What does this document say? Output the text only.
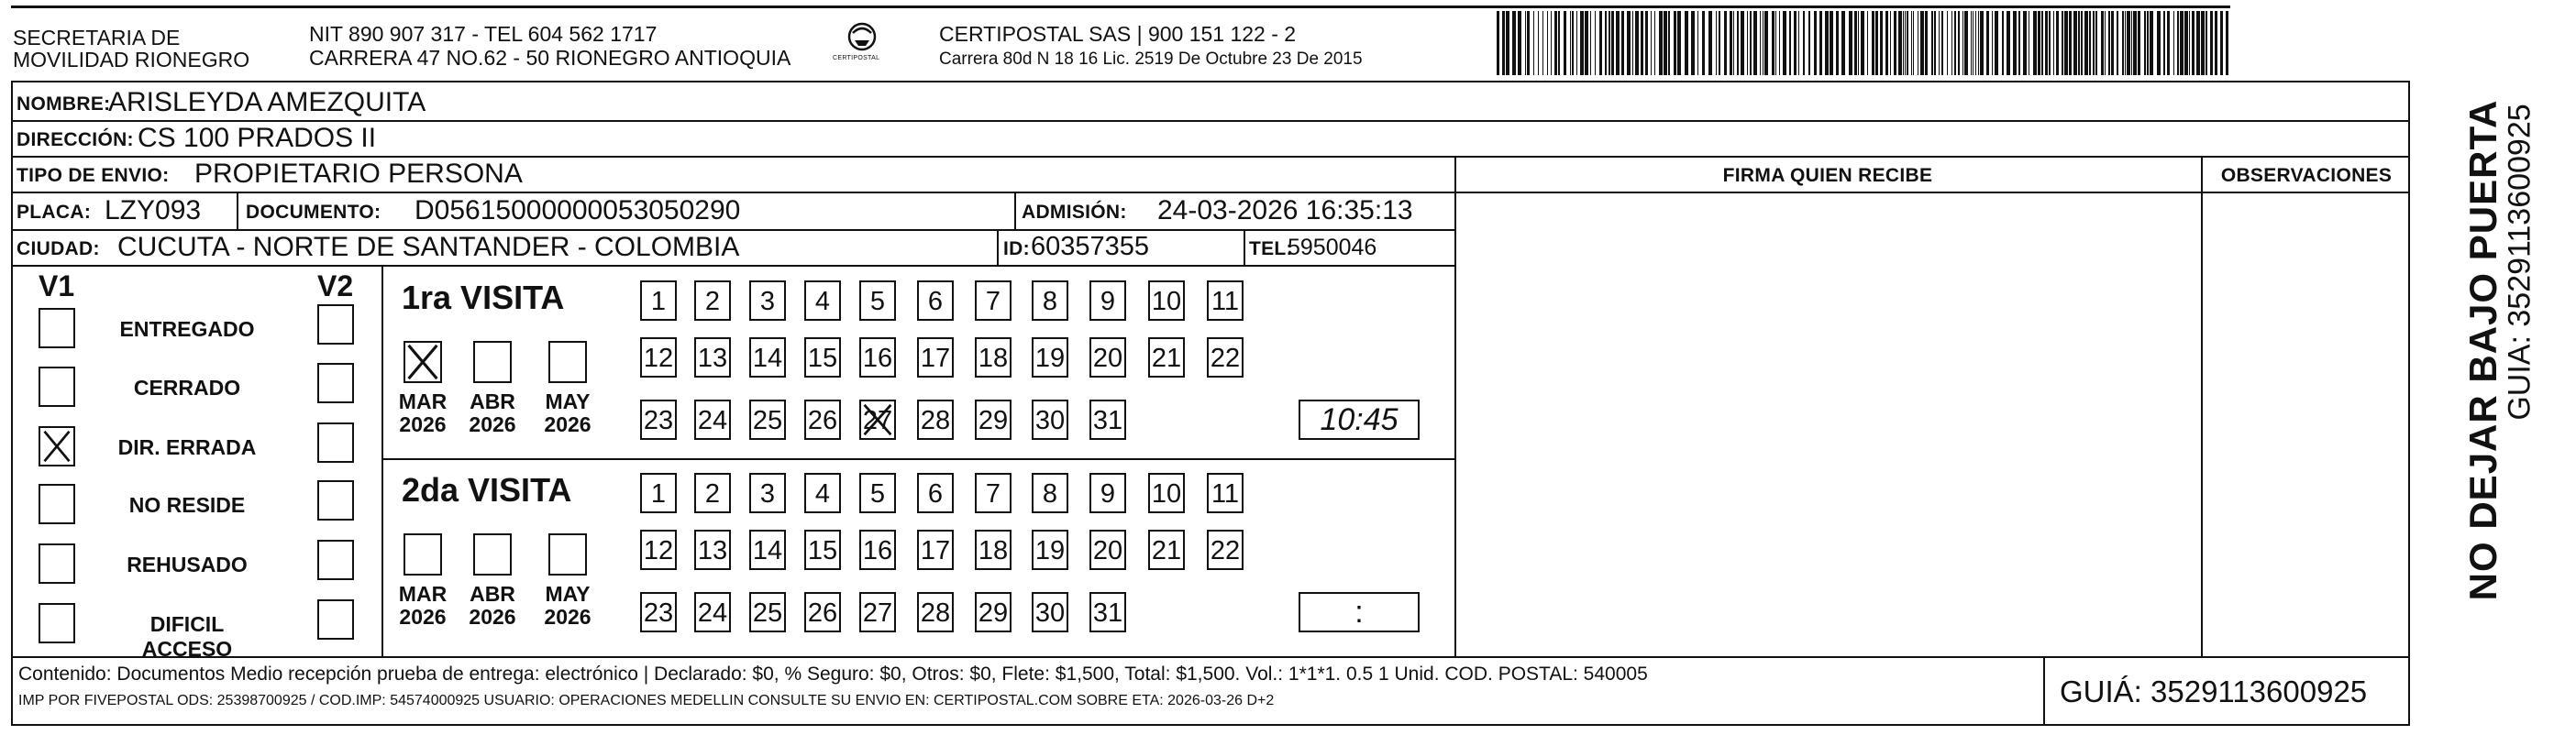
SECRETARIA DE
MOVILIDAD RIONEGRO
NIT 890 907 317 - TEL 604 562 1717
CARRERA 47 NO.62 - 50 RIONEGRO ANTIOQUIA	CERTIPOSTAL
CERTIPOSTAL SAS | 900 151 122 - 2
Carrera 80d N 18 16 Lic. 2519 De Octubre 23 De 2015
FIRMA QUIEN RECIBE	OBSERVACIONES
NOMBRE:
ARISLEYDA AMEZQUITA
DIRECCIÓN: CS 100 PRADOS II
TIPO DE ENVIO: PROPIETARIO PERSONA
PLACA: LZY093 DOCUMENTO: D05615000000053050290	ADMISIÓN: 24-03-2026 16:35:13
CIUDAD: CUCUTA - NORTE DE SANTANDER - COLOMBIA	ID: 60357355	TEL:
5950046
V1	V2
ENTREGADO
CERRADO
DIR. ERRADA
NO RESIDE
REHUSADO
DIFICIL ACCESO
1ra VISITA
MAR
2026
ABR
2026
MAY
2026
1	2	3	4	5	6	7	8	9	10 11
12 13 14 15 16 17 18 19 20 21 22
23 24 25 26 27 28 29 30 31	10:45
2da VISITA
MAR
2026
ABR
2026
MAY
2026
1	2	3	4	5	6	7	8	9	10 11
12 13 14 15 16 17 18 19 20 21 22
23 24 25 26 27 28 29 30 31	:
Contenido: Documentos Medio recepción prueba de entrega: electrónico | Declarado: $0, % Seguro: $0, Otros: $0, Flete: $1,500, Total: $1,500. Vol.: 1*1*1. 0.5 1 Unid. COD. POSTAL: 540005
IMP POR FIVEPOSTAL ODS: 25398700925 / COD.IMP: 54574000925 USUARIO: OPERACIONES MEDELLIN CONSULTE SU ENVIO EN: CERTIPOSTAL.COM SOBRE ETA: 2026-03-26 D+2	GUIÁ: 3529113600925
NO DEJAR BAJO PUERTA
GUIA: 3529113600925
